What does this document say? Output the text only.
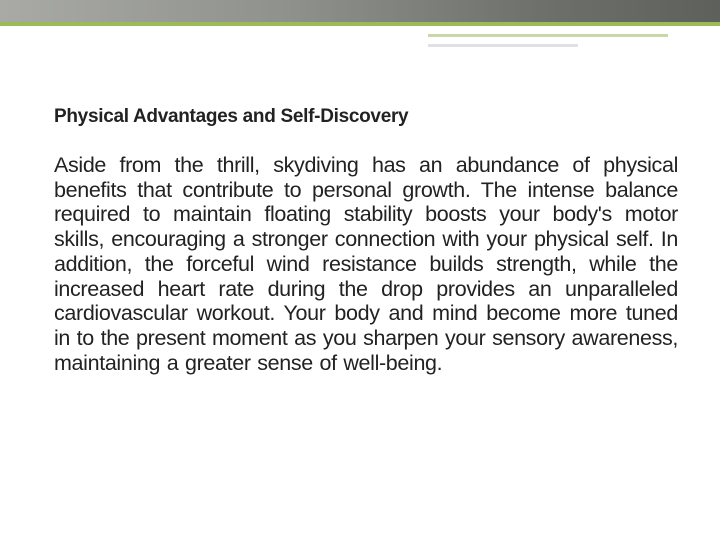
Physical Advantages and Self-Discovery

Aside from the thrill, skydiving has an abundance of physical benefits that contribute to personal growth. The intense balance required to maintain floating stability boosts your body's motor skills, encouraging a stronger connection with your physical self. In addition, the forceful wind resistance builds strength, while the increased heart rate during the drop provides an unparalleled cardiovascular workout. Your body and mind become more tuned in to the present moment as you sharpen your sensory awareness, maintaining a greater sense of well-being.
